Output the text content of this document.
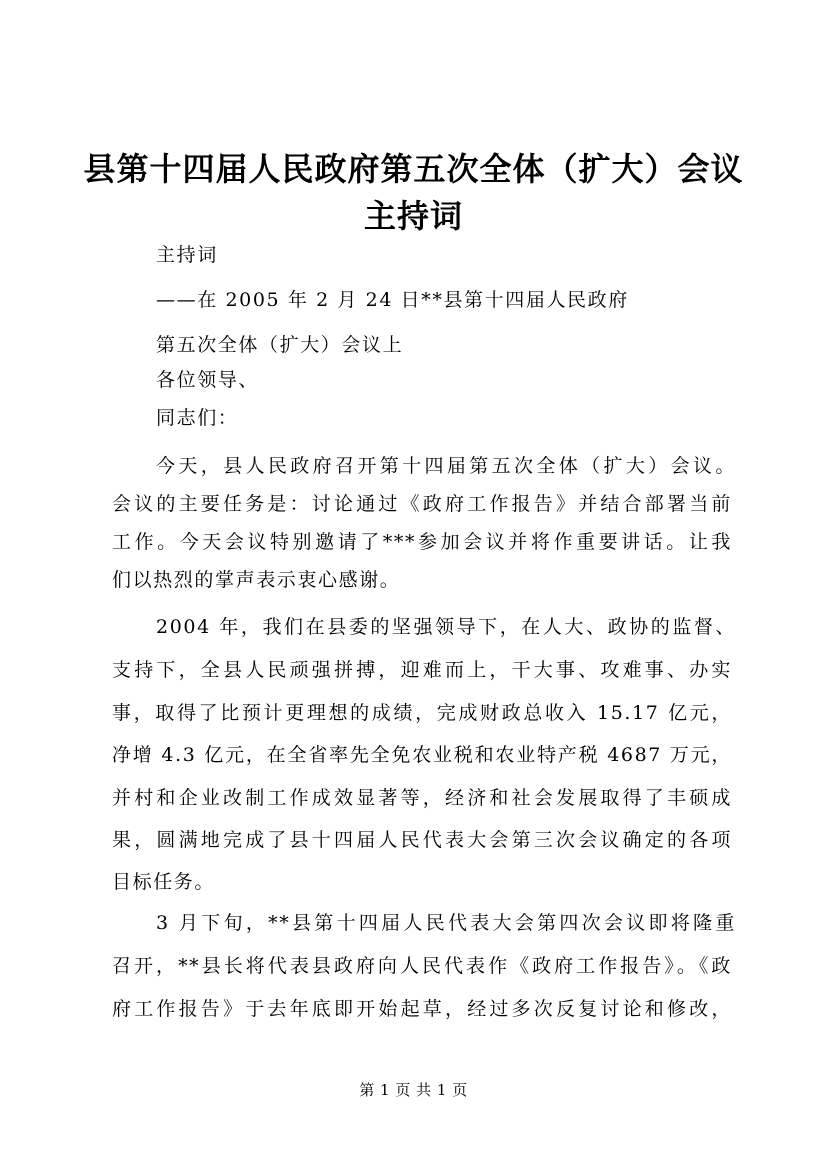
县第十四届人民政府第五次全体（扩大）会议
主持词
主持词
——在 2005 年 2 月 24 日**县第十四届人民政府
第五次全体（扩大）会议上
各位领导、
同志们：
今天，县人民政府召开第十四届第五次全体（扩大）会议。
会议的主要任务是：讨论通过《政府工作报告》并结合部署当前
工作。今天会议特别邀请了***参加会议并将作重要讲话。让我
们以热烈的掌声表示衷心感谢。
2004 年，我们在县委的坚强领导下，在人大、政协的监督、
支持下，全县人民顽强拼搏，迎难而上，干大事、攻难事、办实
事，取得了比预计更理想的成绩，完成财政总收入 15.17 亿元，
净增 4.3 亿元，在全省率先全免农业税和农业特产税 4687 万元，
并村和企业改制工作成效显著等，经济和社会发展取得了丰硕成
果，圆满地完成了县十四届人民代表大会第三次会议确定的各项
目标任务。
3 月下旬，**县第十四届人民代表大会第四次会议即将隆重
召开，**县长将代表县政府向人民代表作《政府工作报告》。《政
府工作报告》于去年底即开始起草，经过多次反复讨论和修改，
第 1 页 共 1 页
